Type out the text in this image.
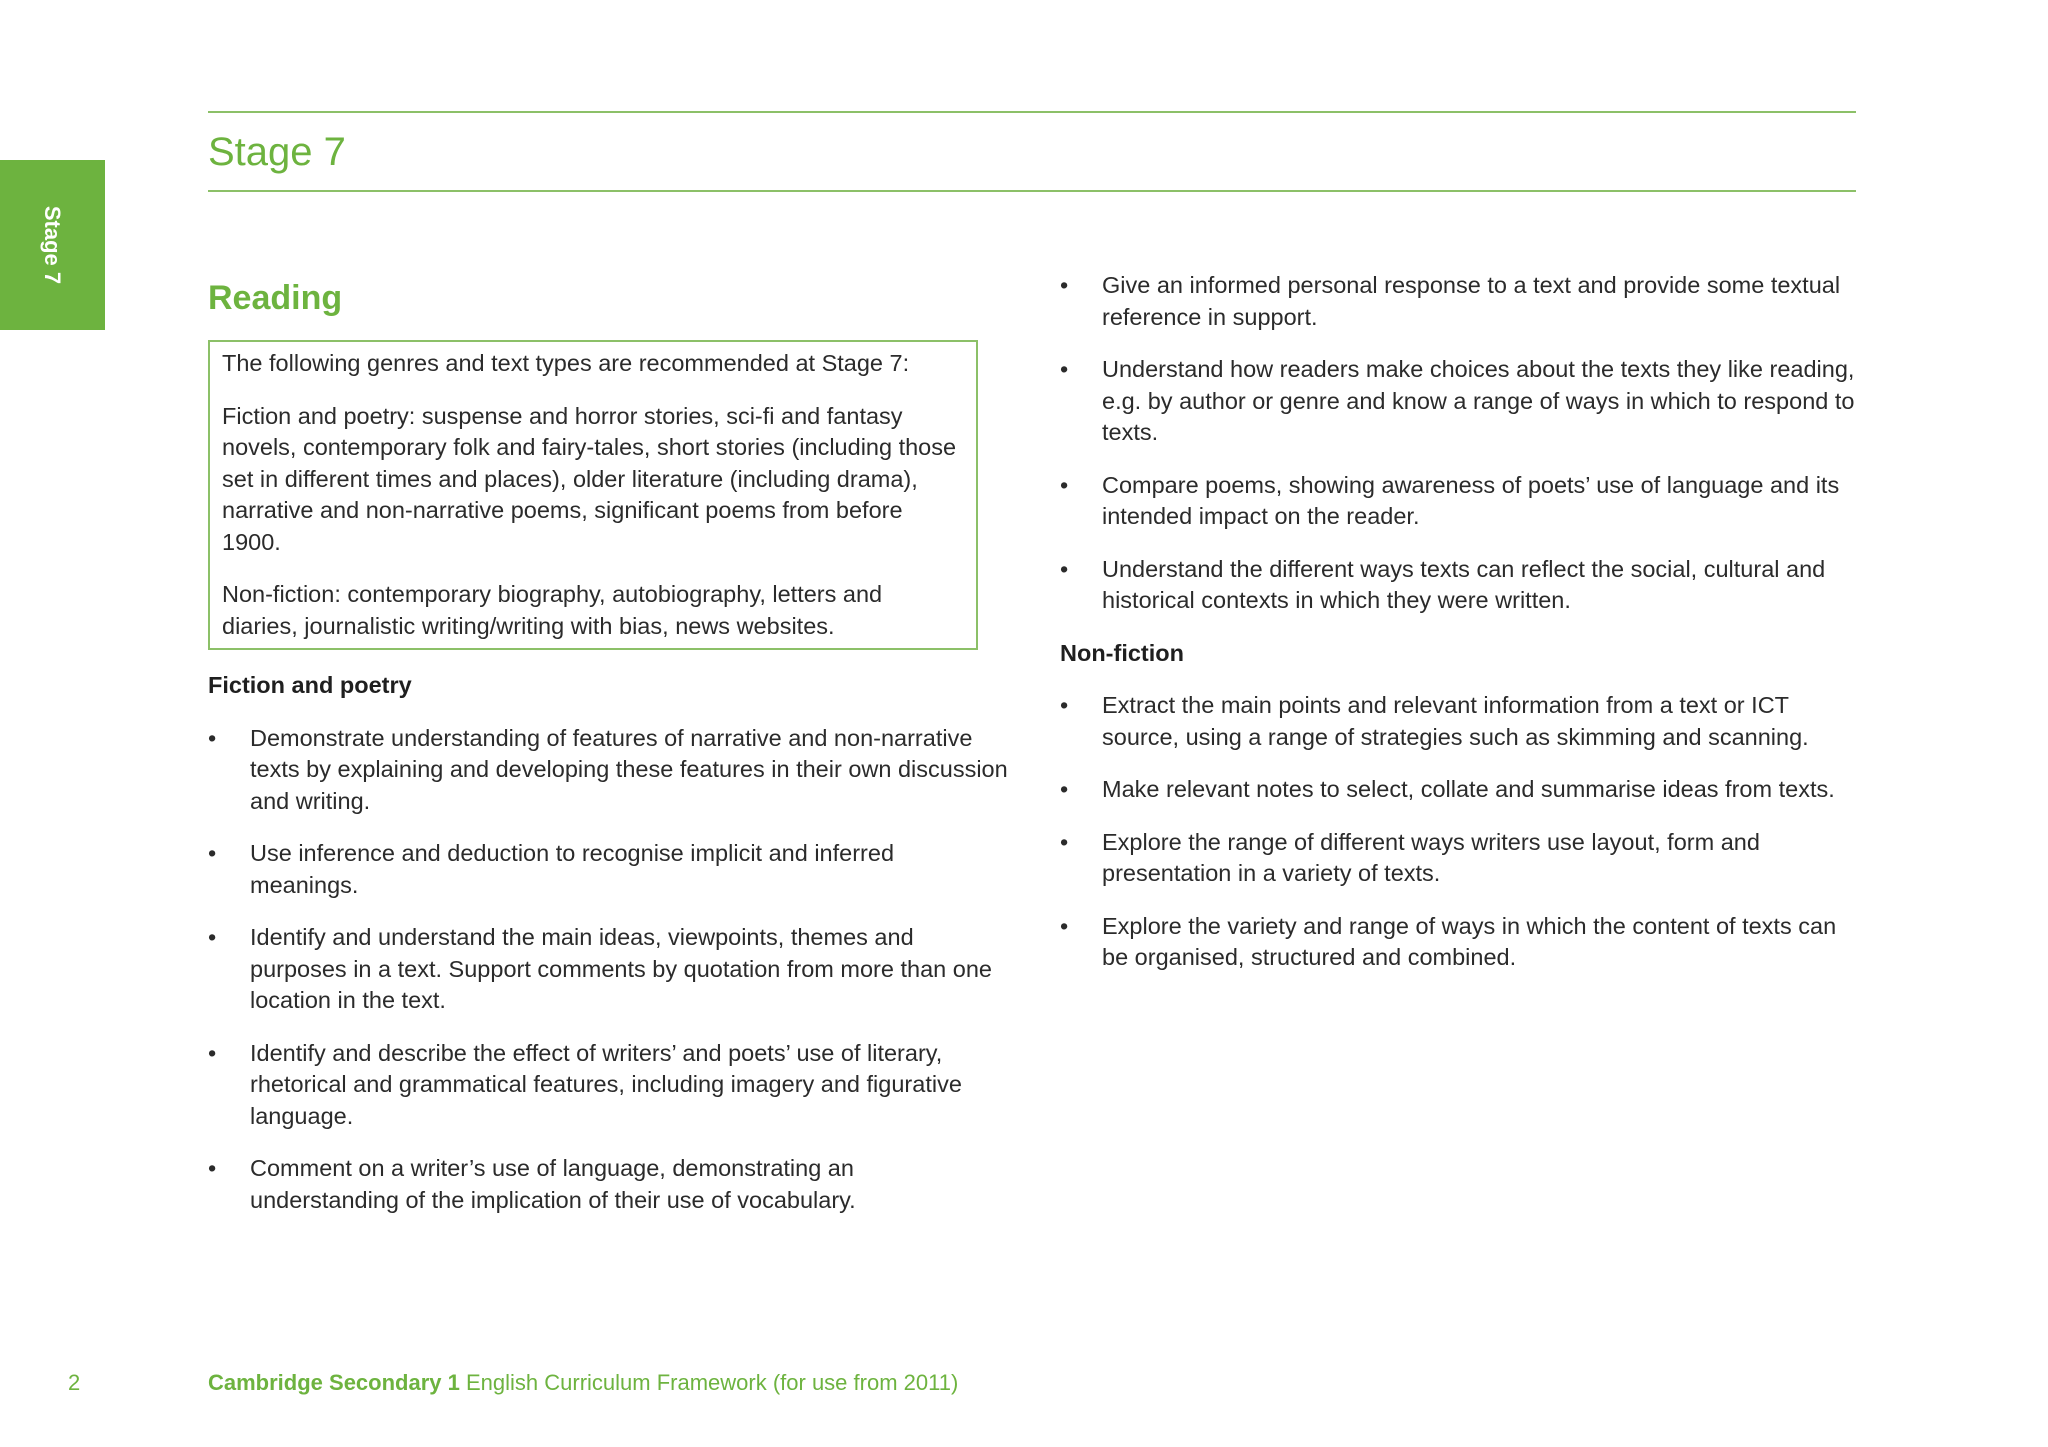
Stage 7
Stage 7
Reading

The following genres and text types are recommended at Stage 7:

Fiction and poetry: suspense and horror stories, sci-fi and fantasy novels, contemporary folk and fairy-tales, short stories (including those set in different times and places), older literature (including drama), narrative and non-narrative poems, significant poems from before 1900.

Non-fiction: contemporary biography, autobiography, letters and diaries, journalistic writing/writing with bias, news websites.

Fiction and poetry
•	Demonstrate understanding of features of narrative and non-narrative texts by explaining and developing these features in their own discussion and writing.
•	Use inference and deduction to recognise implicit and inferred meanings.
•	Identify and understand the main ideas, viewpoints, themes and purposes in a text. Support comments by quotation from more than one location in the text.
•	Identify and describe the effect of writers’ and poets’ use of literary, rhetorical and grammatical features, including imagery and figurative language.
•	Comment on a writer’s use of language, demonstrating an understanding of the implication of their use of vocabulary.
•	Give an informed personal response to a text and provide some textual reference in support.
•	Understand how readers make choices about the texts they like reading, e.g. by author or genre and know a range of ways in which to respond to texts.
•	Compare poems, showing awareness of poets’ use of language and its intended impact on the reader.
•	Understand the different ways texts can reflect the social, cultural and historical contexts in which they were written.
Non-fiction
•	Extract the main points and relevant information from a text or ICT source, using a range of strategies such as skimming and scanning.
•	Make relevant notes to select, collate and summarise ideas from texts.
•	Explore the range of different ways writers use layout, form and presentation in a variety of texts.
•	Explore the variety and range of ways in which the content of texts can be organised, structured and combined.
2	Cambridge Secondary 1 English Curriculum Framework (for use from 2011)
